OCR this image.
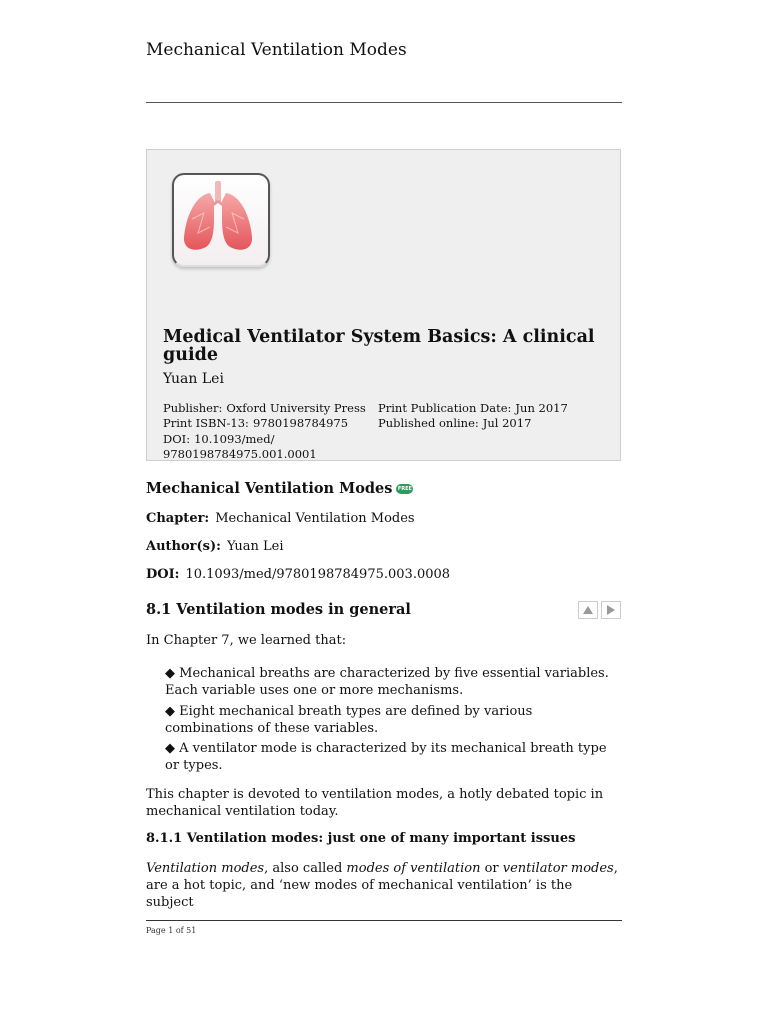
Mechanical Ventilation Modes
Medical Ventilator System Basics: A clinical guide
Yuan Lei
Publisher: Oxford University Press
Print ISBN-13: 9780198784975
DOI: 10.1093/med/
9780198784975.001.0001
Print Publication Date: Jun 2017
Published online: Jul 2017
Mechanical Ventilation Modes FREE
Chapter: Mechanical Ventilation Modes
Author(s): Yuan Lei
DOI: 10.1093/med/9780198784975.003.0008
8.1 Ventilation modes in general
In Chapter 7, we learned that:
◆ Mechanical breaths are characterized by five essential variables. Each variable uses one or more mechanisms.
◆ Eight mechanical breath types are defined by various combinations of these variables.
◆ A ventilator mode is characterized by its mechanical breath type or types.
This chapter is devoted to ventilation modes, a hotly debated topic in mechanical ventilation today.
8.1.1 Ventilation modes: just one of many important issues
Ventilation modes, also called modes of ventilation or ventilator modes, are a hot topic, and ‘new modes of mechanical ventilation’ is the subject
Page 1 of 51
